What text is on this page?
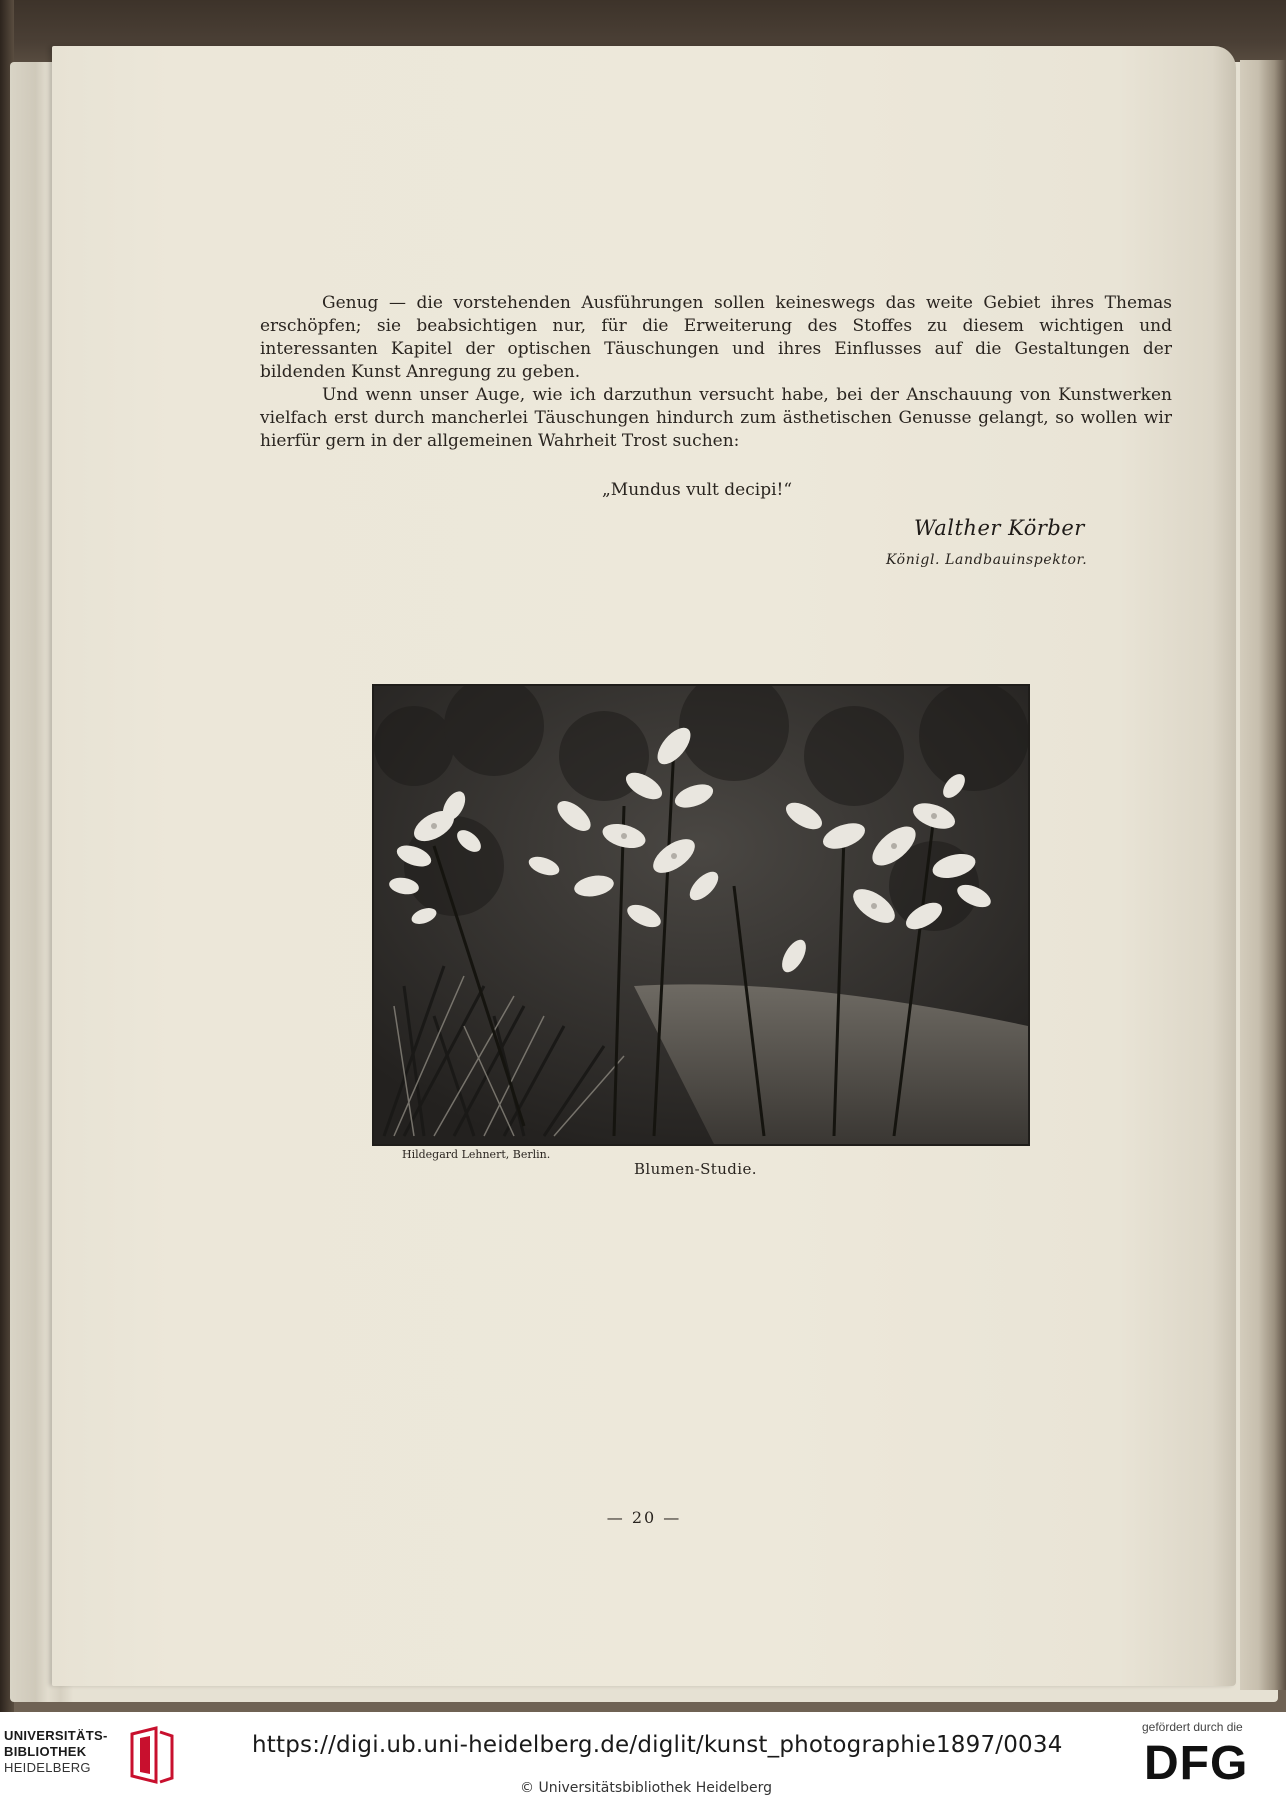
Genug — die vorstehenden Ausführungen sollen keineswegs das weite Gebiet ihres Themas erschöpfen; sie beabsichtigen nur, für die Erweiterung des Stoffes zu diesem wichtigen und interessanten Kapitel der optischen Täuschungen und ihres Einflusses auf die Gestaltungen der bildenden Kunst Anregung zu geben.

Und wenn unser Auge, wie ich darzuthun versucht habe, bei der Anschauung von Kunstwerken vielfach erst durch mancherlei Täuschungen hindurch zum ästhetischen Genusse gelangt, so wollen wir hierfür gern in der allgemeinen Wahrheit Trost suchen:

„Mundus vult decipi!“
Walther Körber
Königl. Landbauinspektor.
Hildegard Lehnert, Berlin.
Blumen-Studie.
— 20 —
UNIVERSITÄTS-
BIBLIOTHEK
HEIDELBERG
https://digi.ub.uni-heidelberg.de/diglit/kunst_photographie1897/0034
© Universitätsbibliothek Heidelberg
gefördert durch die
DFG
